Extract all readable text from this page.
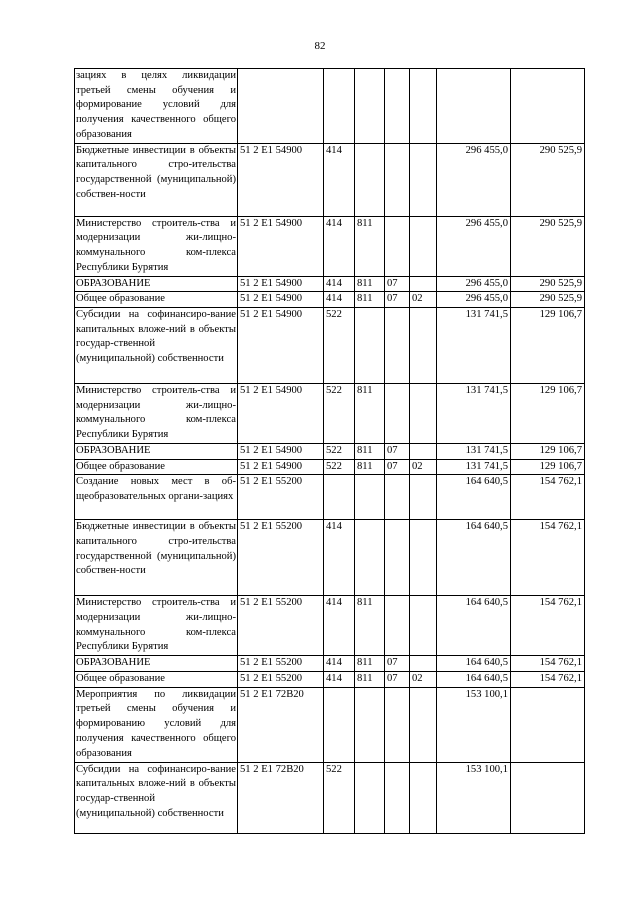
82
зациях в целях ликвидации третьей смены обучения и формирование условий для получения качественного общего образования							
Бюджетные инвестиции в объекты капитального стро-ительства государственной (муниципальной) собствен-ности	51 2 E1 54900	414				296 455,0	290 525,9
Министерство строитель-ства и модернизации жи-лищно-коммунального ком-плекса Республики Бурятия	51 2 E1 54900	414	811			296 455,0	290 525,9
ОБРАЗОВАНИЕ	51 2 E1 54900	414	811	07		296 455,0	290 525,9
Общее образование	51 2 E1 54900	414	811	07	02	296 455,0	290 525,9
Субсидии на софинансиро-вание капитальных вложе-ний в объекты государ-ственной (муниципальной) собственности	51 2 E1 54900	522				131 741,5	129 106,7
Министерство строитель-ства и модернизации жи-лищно-коммунального ком-плекса Республики Бурятия	51 2 E1 54900	522	811			131 741,5	129 106,7
ОБРАЗОВАНИЕ	51 2 E1 54900	522	811	07		131 741,5	129 106,7
Общее образование	51 2 E1 54900	522	811	07	02	131 741,5	129 106,7
Создание новых мест в об-щеобразовательных органи-зациях	51 2 E1 55200					164 640,5	154 762,1
Бюджетные инвестиции в объекты капитального стро-ительства государственной (муниципальной) собствен-ности	51 2 E1 55200	414				164 640,5	154 762,1
Министерство строитель-ства и модернизации жи-лищно-коммунального ком-плекса Республики Бурятия	51 2 E1 55200	414	811			164 640,5	154 762,1
ОБРАЗОВАНИЕ	51 2 E1 55200	414	811	07		164 640,5	154 762,1
Общее образование	51 2 E1 55200	414	811	07	02	164 640,5	154 762,1
Мероприятия по ликвидации третьей смены обучения и формированию условий для получения качественного общего образования	51 2 E1 72В20					153 100,1	
Субсидии на софинансиро-вание капитальных вложе-ний в объекты государ-ственной (муниципальной) собственности	51 2 E1 72В20	522				153 100,1	
